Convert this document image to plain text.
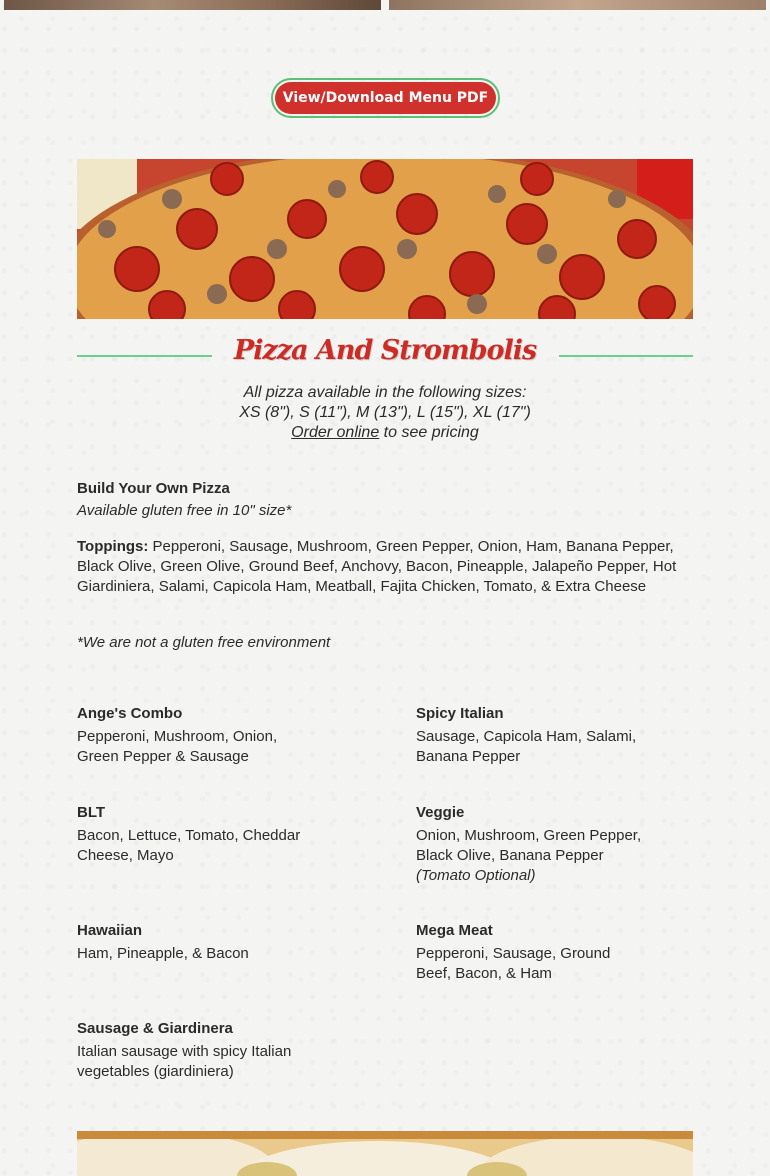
View/Download Menu PDF
Pizza And Strombolis
All pizza available in the following sizes:
XS (8"), S (11"), M (13"), L (15"), XL (17")
Order online to see pricing
Build Your Own Pizza
Available gluten free in 10" size*
Toppings: Pepperoni, Sausage, Mushroom, Green Pepper, Onion, Ham, Banana Pepper, Black Olive, Green Olive, Ground Beef, Anchovy, Bacon, Pineapple, Jalapeño Pepper, Hot Giardiniera, Salami, Capicola Ham, Meatball, Fajita Chicken, Tomato, & Extra Cheese
*We are not a gluten free environment
Ange's Combo
Pepperoni, Mushroom, Onion,
Green Pepper & Sausage
Spicy Italian
Sausage, Capicola Ham, Salami,
Banana Pepper
BLT
Bacon, Lettuce, Tomato, Cheddar
Cheese, Mayo
Veggie
Onion, Mushroom, Green Pepper,
Black Olive, Banana Pepper
(Tomato Optional)
Hawaiian
Ham, Pineapple, & Bacon
Mega Meat
Pepperoni, Sausage, Ground
Beef, Bacon, & Ham
Sausage & Giardinera
Italian sausage with spicy Italian
vegetables (giardiniera)
